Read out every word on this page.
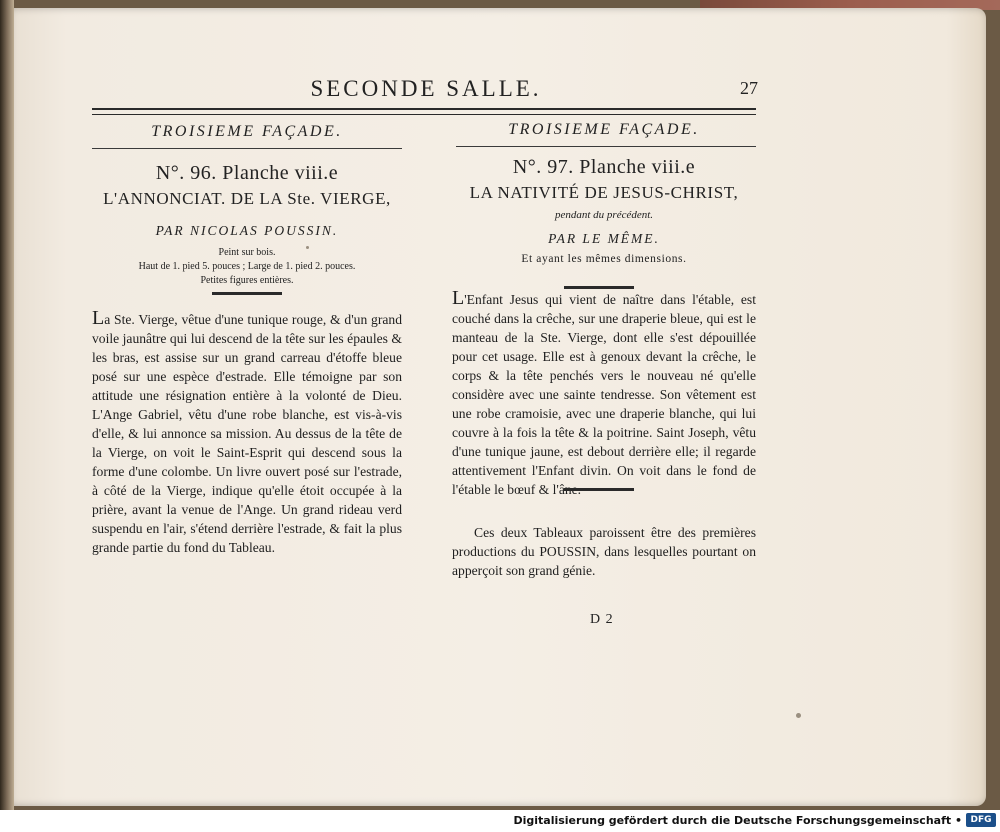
SECONDE SALLE.	27

TROISIEME FAÇADE.

N°. 96. Planche viii.e
L'ANNONCIAT. DE LA Ste. VIERGE,
PAR NICOLAS POUSSIN.
Peint sur bois.
Haut de 1. pied 5. pouces ; Large de 1. pied 2. pouces.
Petites figures entières.
La Ste. Vierge, vêtue d'une tunique rouge, & d'un grand voile jaunâtre qui lui descend de la tête sur les épaules & les bras, est assise sur un grand carreau d'étoffe bleue posé sur une espèce d'estrade. Elle témoigne par son attitude une résignation entière à la volonté de Dieu. L'Ange Gabriel, vêtu d'une robe blanche, est vis-à-vis d'elle, & lui annonce sa mission. Au dessus de la tête de la Vierge, on voit le Saint-Esprit qui descend sous la forme d'une colombe. Un livre ouvert posé sur l'estrade, à côté de la Vierge, indique qu'elle étoit occupée à la prière, avant la venue de l'Ange. Un grand rideau verd suspendu en l'air, s'étend derrière l'estrade, & fait la plus grande partie du fond du Tableau.

TROISIEME FAÇADE.

N°. 97. Planche viii.e
LA NATIVITÉ DE JESUS-CHRIST,
pendant du précédent.
PAR LE MÊME.
Et ayant les mêmes dimensions.
L'Enfant Jesus qui vient de naître dans l'étable, est couché dans la crêche, sur une draperie bleue, qui est le manteau de la Ste. Vierge, dont elle s'est dépouillée pour cet usage. Elle est à genoux devant la crêche, le corps & la tête penchés vers le nouveau né qu'elle considère avec une sainte tendresse. Son vêtement est une robe cramoisie, avec une draperie blanche, qui lui couvre à la fois la tête & la poitrine. Saint Joseph, vêtu d'une tunique jaune, est debout derrière elle; il regarde attentivement l'Enfant divin. On voit dans le fond de l'étable le bœuf & l'âne.
Ces deux Tableaux paroissent être des premières productions du POUSSIN, dans lesquelles pourtant on apperçoit son grand génie.
D 2
Digitalisierung gefördert durch die Deutsche Forschungsgemeinschaft • DFG
